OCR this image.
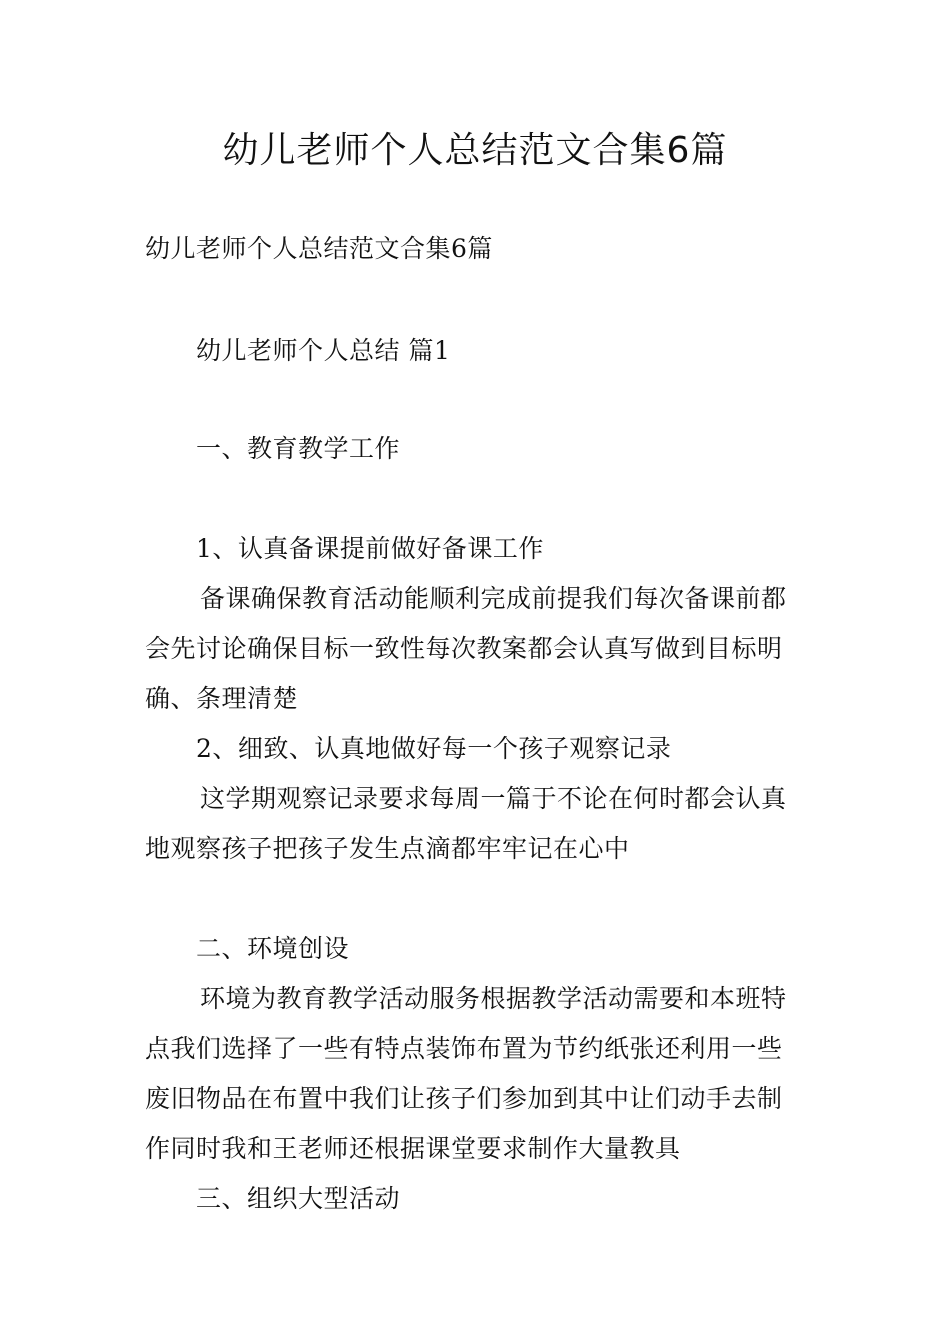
幼儿老师个人总结范文合集6篇
幼儿老师个人总结范文合集6篇
幼儿老师个人总结 篇1
一、教育教学工作
1、认真备课提前做好备课工作
备课确保教育活动能顺利完成前提我们每次备课前都
会先讨论确保目标一致性每次教案都会认真写做到目标明
确、条理清楚
2、细致、认真地做好每一个孩子观察记录
这学期观察记录要求每周一篇于不论在何时都会认真
地观察孩子把孩子发生点滴都牢牢记在心中
二、环境创设
环境为教育教学活动服务根据教学活动需要和本班特
点我们选择了一些有特点装饰布置为节约纸张还利用一些
废旧物品在布置中我们让孩子们参加到其中让们动手去制
作同时我和王老师还根据课堂要求制作大量教具
三、组织大型活动
